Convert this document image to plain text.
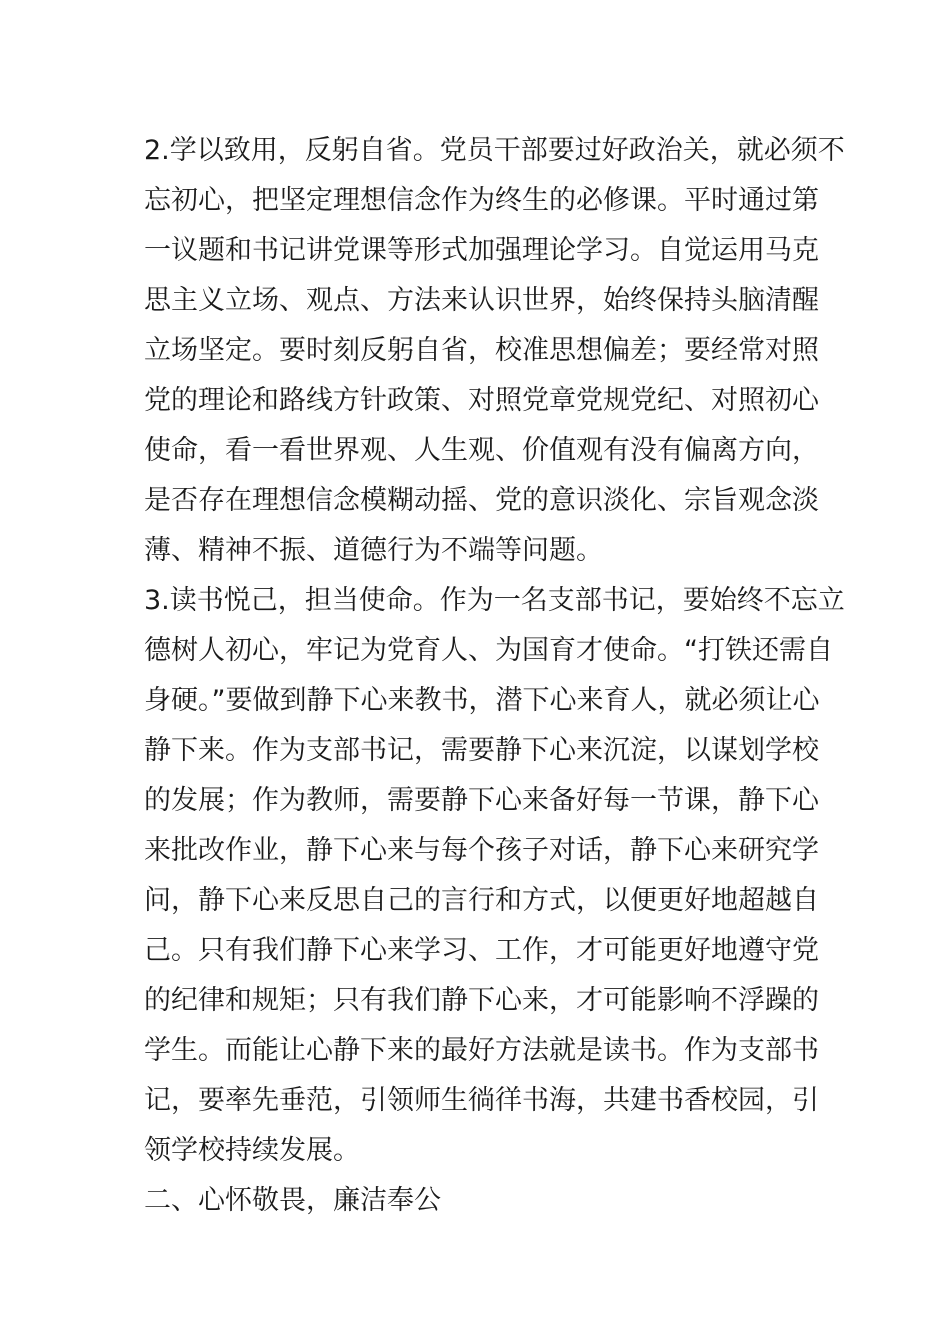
2.学以致用，反躬自省。党员干部要过好政治关，就必须不
忘初心，把坚定理想信念作为终生的必修课。平时通过第
一议题和书记讲党课等形式加强理论学习。自觉运用马克
思主义立场、观点、方法来认识世界，始终保持头脑清醒
立场坚定。要时刻反躬自省，校准思想偏差；要经常对照
党的理论和路线方针政策、对照党章党规党纪、对照初心
使命，看一看世界观、人生观、价值观有没有偏离方向，
是否存在理想信念模糊动摇、党的意识淡化、宗旨观念淡
薄、精神不振、道德行为不端等问题。
3.读书悦己，担当使命。作为一名支部书记，要始终不忘立
德树人初心，牢记为党育人、为国育才使命。“打铁还需自
身硬。”要做到静下心来教书，潜下心来育人，就必须让心
静下来。作为支部书记，需要静下心来沉淀，以谋划学校
的发展；作为教师，需要静下心来备好每一节课，静下心
来批改作业，静下心来与每个孩子对话，静下心来研究学
问，静下心来反思自己的言行和方式，以便更好地超越自
己。只有我们静下心来学习、工作，才可能更好地遵守党
的纪律和规矩；只有我们静下心来，才可能影响不浮躁的
学生。而能让心静下来的最好方法就是读书。作为支部书
记，要率先垂范，引领师生徜徉书海，共建书香校园，引
领学校持续发展。
二、心怀敬畏，廉洁奉公
